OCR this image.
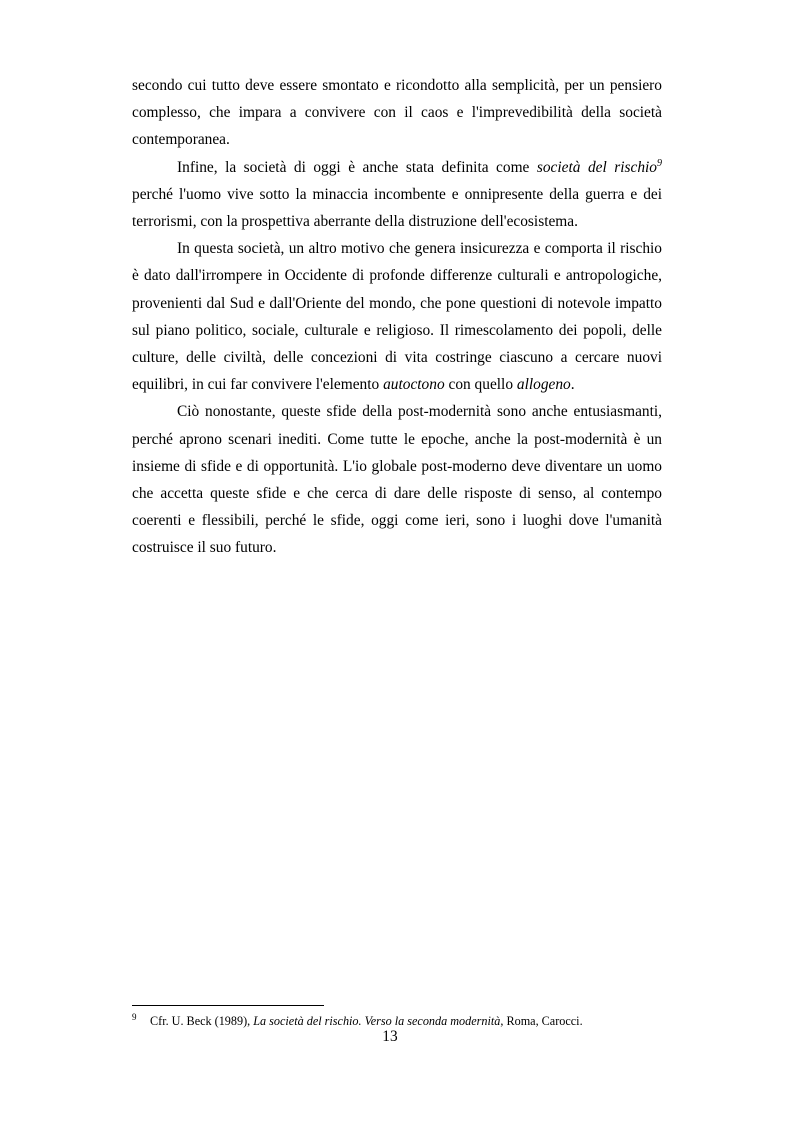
secondo cui tutto deve essere smontato e ricondotto alla semplicità, per un pensiero complesso, che impara a convivere con il caos e l'imprevedibilità della società contemporanea.

Infine, la società di oggi è anche stata definita come società del rischio$^9$ perché l'uomo vive sotto la minaccia incombente e onnipresente della guerra e dei terrorismi, con la prospettiva aberrante della distruzione dell'ecosistema.

In questa società, un altro motivo che genera insicurezza e comporta il rischio è dato dall'irrompere in Occidente di profonde differenze culturali e antropologiche, provenienti dal Sud e dall'Oriente del mondo, che pone questioni di notevole impatto sul piano politico, sociale, culturale e religioso. Il rimescolamento dei popoli, delle culture, delle civiltà, delle concezioni di vita costringe ciascuno a cercare nuovi equilibri, in cui far convivere l'elemento autoctono con quello allogeno.

Ciò nonostante, queste sfide della post-modernità sono anche entusiasmanti, perché aprono scenari inediti. Come tutte le epoche, anche la post-modernità è un insieme di sfide e di opportunità. L'io globale post-moderno deve diventare un uomo che accetta queste sfide e che cerca di dare delle risposte di senso, al contempo coerenti e flessibili, perché le sfide, oggi come ieri, sono i luoghi dove l'umanità costruisce il suo futuro.

9 Cfr. U. Beck (1989), La società del rischio. Verso la seconda modernità, Roma, Carocci.
13
